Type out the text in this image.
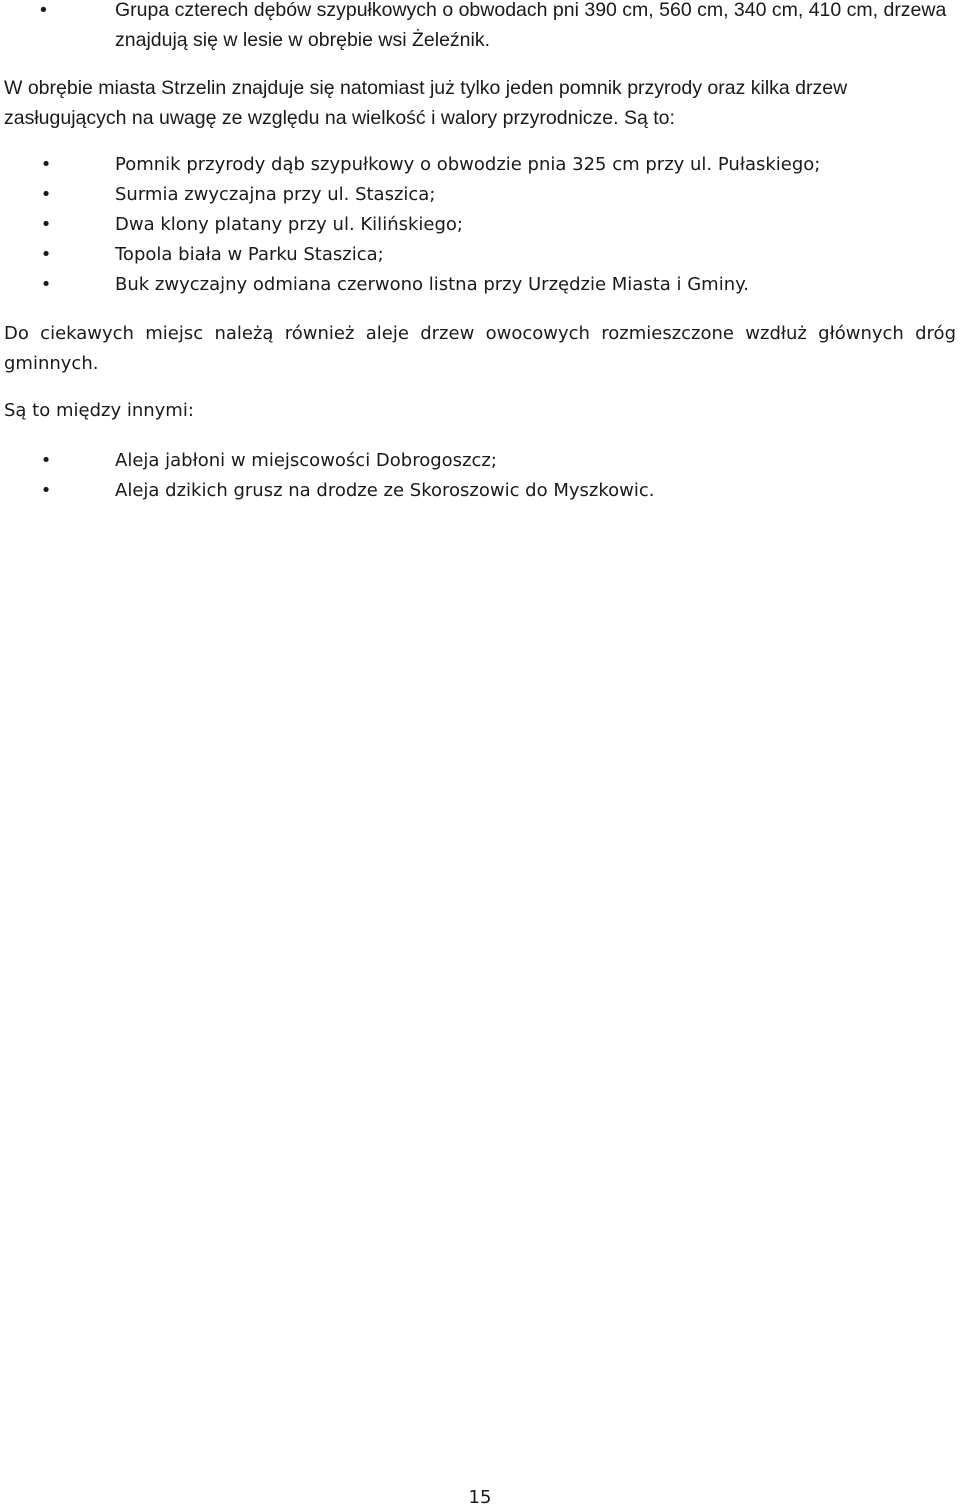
•	Grupa czterech dębów szypułkowych o obwodach pni 390 cm, 560 cm, 340 cm, 410 cm, drzewa znajdują się w lesie w obrębie wsi Żeleźnik.
W obrębie miasta Strzelin znajduje się natomiast już tylko jeden pomnik przyrody oraz kilka drzew zasługujących na uwagę ze względu na wielkość i walory przyrodnicze. Są to:
•	Pomnik przyrody dąb szypułkowy o obwodzie pnia 325 cm przy ul. Pułaskiego;
•	Surmia zwyczajna przy ul. Staszica;
•	Dwa klony platany przy ul. Kilińskiego;
•	Topola biała w Parku Staszica;
•	Buk zwyczajny odmiana czerwono listna przy Urzędzie Miasta i Gminy.
Do ciekawych miejsc należą również aleje drzew owocowych rozmieszczone wzdłuż głównych dróg gminnych.
Są to między innymi:
•	Aleja jabłoni w miejscowości Dobrogoszcz;
•	Aleja dzikich grusz na drodze ze Skoroszowic do Myszkowic.
15
